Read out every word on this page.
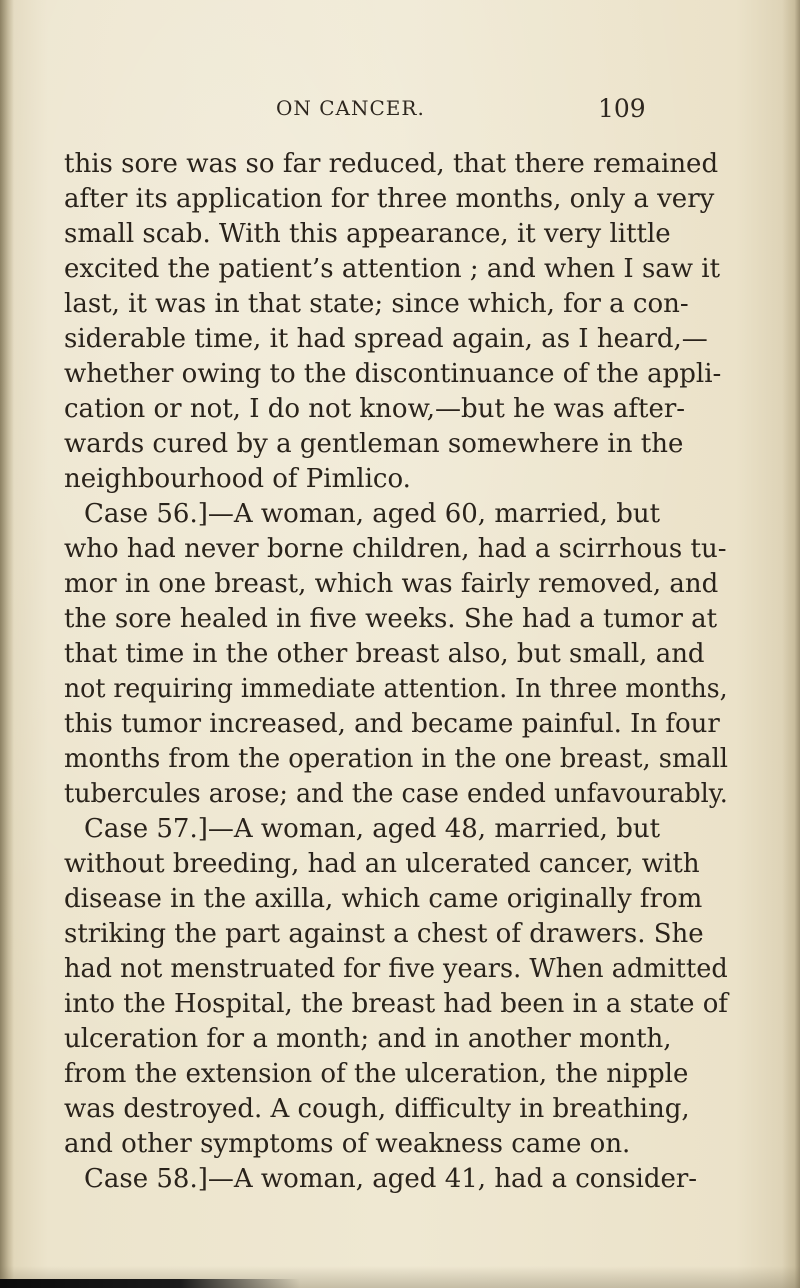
ON CANCER.	109
this sore was so far reduced, that there remained
after its application for three months, only a very
small scab. With this appearance, it very little
excited the patient’s attention ; and when I saw it
last, it was in that state; since which, for a con-
siderable time, it had spread again, as I heard,—
whether owing to the discontinuance of the appli-
cation or not, I do not know,—but he was after-
wards cured by a gentleman somewhere in the
neighbourhood of Pimlico.
Case 56.]—A woman, aged 60, married, but
who had never borne children, had a scirrhous tu-
mor in one breast, which was fairly removed, and
the sore healed in five weeks. She had a tumor at
that time in the other breast also, but small, and
not requiring immediate attention. In three months,
this tumor increased, and became painful. In four
months from the operation in the one breast, small
tubercules arose; and the case ended unfavourably.
Case 57.]—A woman, aged 48, married, but
without breeding, had an ulcerated cancer, with
disease in the axilla, which came originally from
striking the part against a chest of drawers. She
had not menstruated for five years. When admitted
into the Hospital, the breast had been in a state of
ulceration for a month; and in another month,
from the extension of the ulceration, the nipple
was destroyed. A cough, difficulty in breathing,
and other symptoms of weakness came on.
Case 58.]—A woman, aged 41, had a consider-
